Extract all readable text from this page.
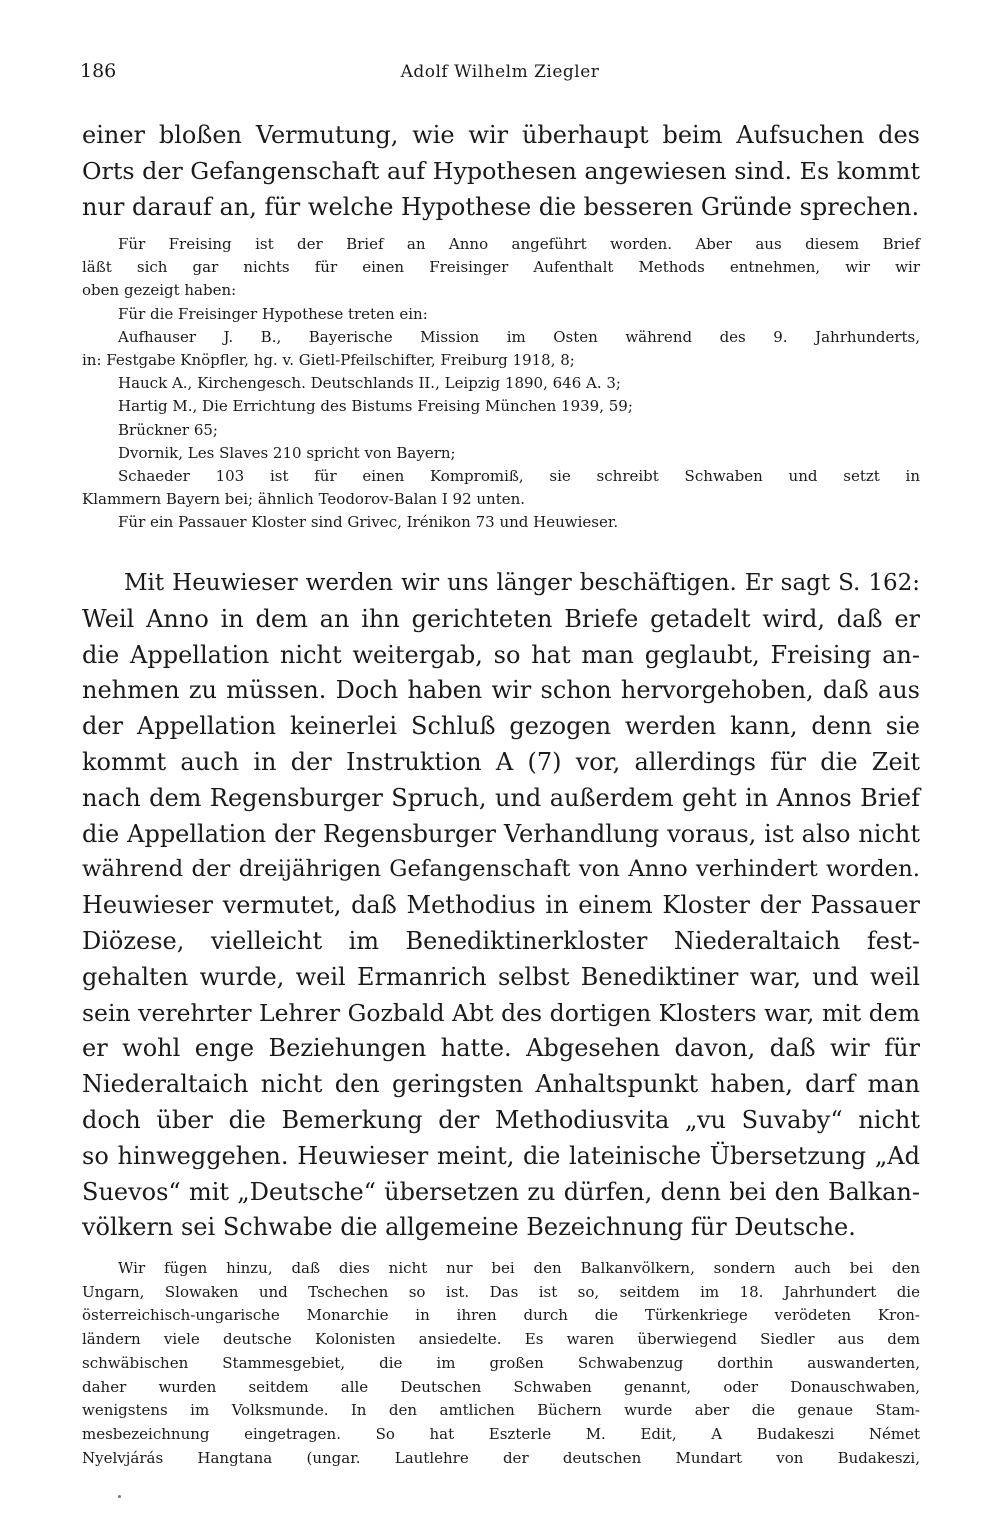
186	Adolf Wilhelm Ziegler

einer bloßen Vermutung, wie wir überhaupt beim Aufsuchen des

Orts der Gefangenschaft auf Hypothesen angewiesen sind. Es kommt

nur darauf an, für welche Hypothese die besseren Gründe sprechen.

Für Freising ist der Brief an Anno angeführt worden. Aber aus diesem Brief

läßt sich gar nichts für einen Freisinger Aufenthalt Methods entnehmen, wir wir

oben gezeigt haben:

Für die Freisinger Hypothese treten ein:

Aufhauser J. B., Bayerische Mission im Osten während des 9. Jahrhunderts,

in: Festgabe Knöpfler, hg. v. Gietl-Pfeilschifter, Freiburg 1918, 8;

Hauck A., Kirchengesch. Deutschlands II., Leipzig 1890, 646 A. 3;

Hartig M., Die Errichtung des Bistums Freising München 1939, 59;

Brückner 65;

Dvornik, Les Slaves 210 spricht von Bayern;

Schaeder 103 ist für einen Kompromiß, sie schreibt Schwaben und setzt in

Klammern Bayern bei; ähnlich Teodorov-Balan I 92 unten.

Für ein Passauer Kloster sind Grivec, Irénikon 73 und Heuwieser.

Mit Heuwieser werden wir uns länger beschäftigen. Er sagt S. 162:

Weil Anno in dem an ihn gerichteten Briefe getadelt wird, daß er

die Appellation nicht weitergab, so hat man geglaubt, Freising an-

nehmen zu müssen. Doch haben wir schon hervorgehoben, daß aus

der Appellation keinerlei Schluß gezogen werden kann, denn sie

kommt auch in der Instruktion A (7) vor, allerdings für die Zeit

nach dem Regensburger Spruch, und außerdem geht in Annos Brief

die Appellation der Regensburger Verhandlung voraus, ist also nicht

während der dreijährigen Gefangenschaft von Anno verhindert worden.

Heuwieser vermutet, daß Methodius in einem Kloster der Passauer

Diözese, vielleicht im Benediktinerkloster Niederaltaich fest-

gehalten wurde, weil Ermanrich selbst Benediktiner war, und weil

sein verehrter Lehrer Gozbald Abt des dortigen Klosters war, mit dem

er wohl enge Beziehungen hatte. Abgesehen davon, daß wir für

Niederaltaich nicht den geringsten Anhaltspunkt haben, darf man

doch über die Bemerkung der Methodiusvita „vu Suvaby“ nicht

so hinweggehen. Heuwieser meint, die lateinische Übersetzung „Ad

Suevos“ mit „Deutsche“ übersetzen zu dürfen, denn bei den Balkan-

völkern sei Schwabe die allgemeine Bezeichnung für Deutsche.

Wir fügen hinzu, daß dies nicht nur bei den Balkanvölkern, sondern auch bei den

Ungarn, Slowaken und Tschechen so ist. Das ist so, seitdem im 18. Jahrhundert die

österreichisch-ungarische Monarchie in ihren durch die Türkenkriege verödeten Kron-

ländern viele deutsche Kolonisten ansiedelte. Es waren überwiegend Siedler aus dem

schwäbischen Stammesgebiet, die im großen Schwabenzug dorthin auswanderten,

daher wurden seitdem alle Deutschen Schwaben genannt, oder Donauschwaben,

wenigstens im Volksmunde. In den amtlichen Büchern wurde aber die genaue Stam-

mesbezeichnung eingetragen. So hat Eszterle M. Edit, A Budakeszi Német

Nyelvjárás Hangtana (ungar. Lautlehre der deutschen Mundart von Budakeszi,
